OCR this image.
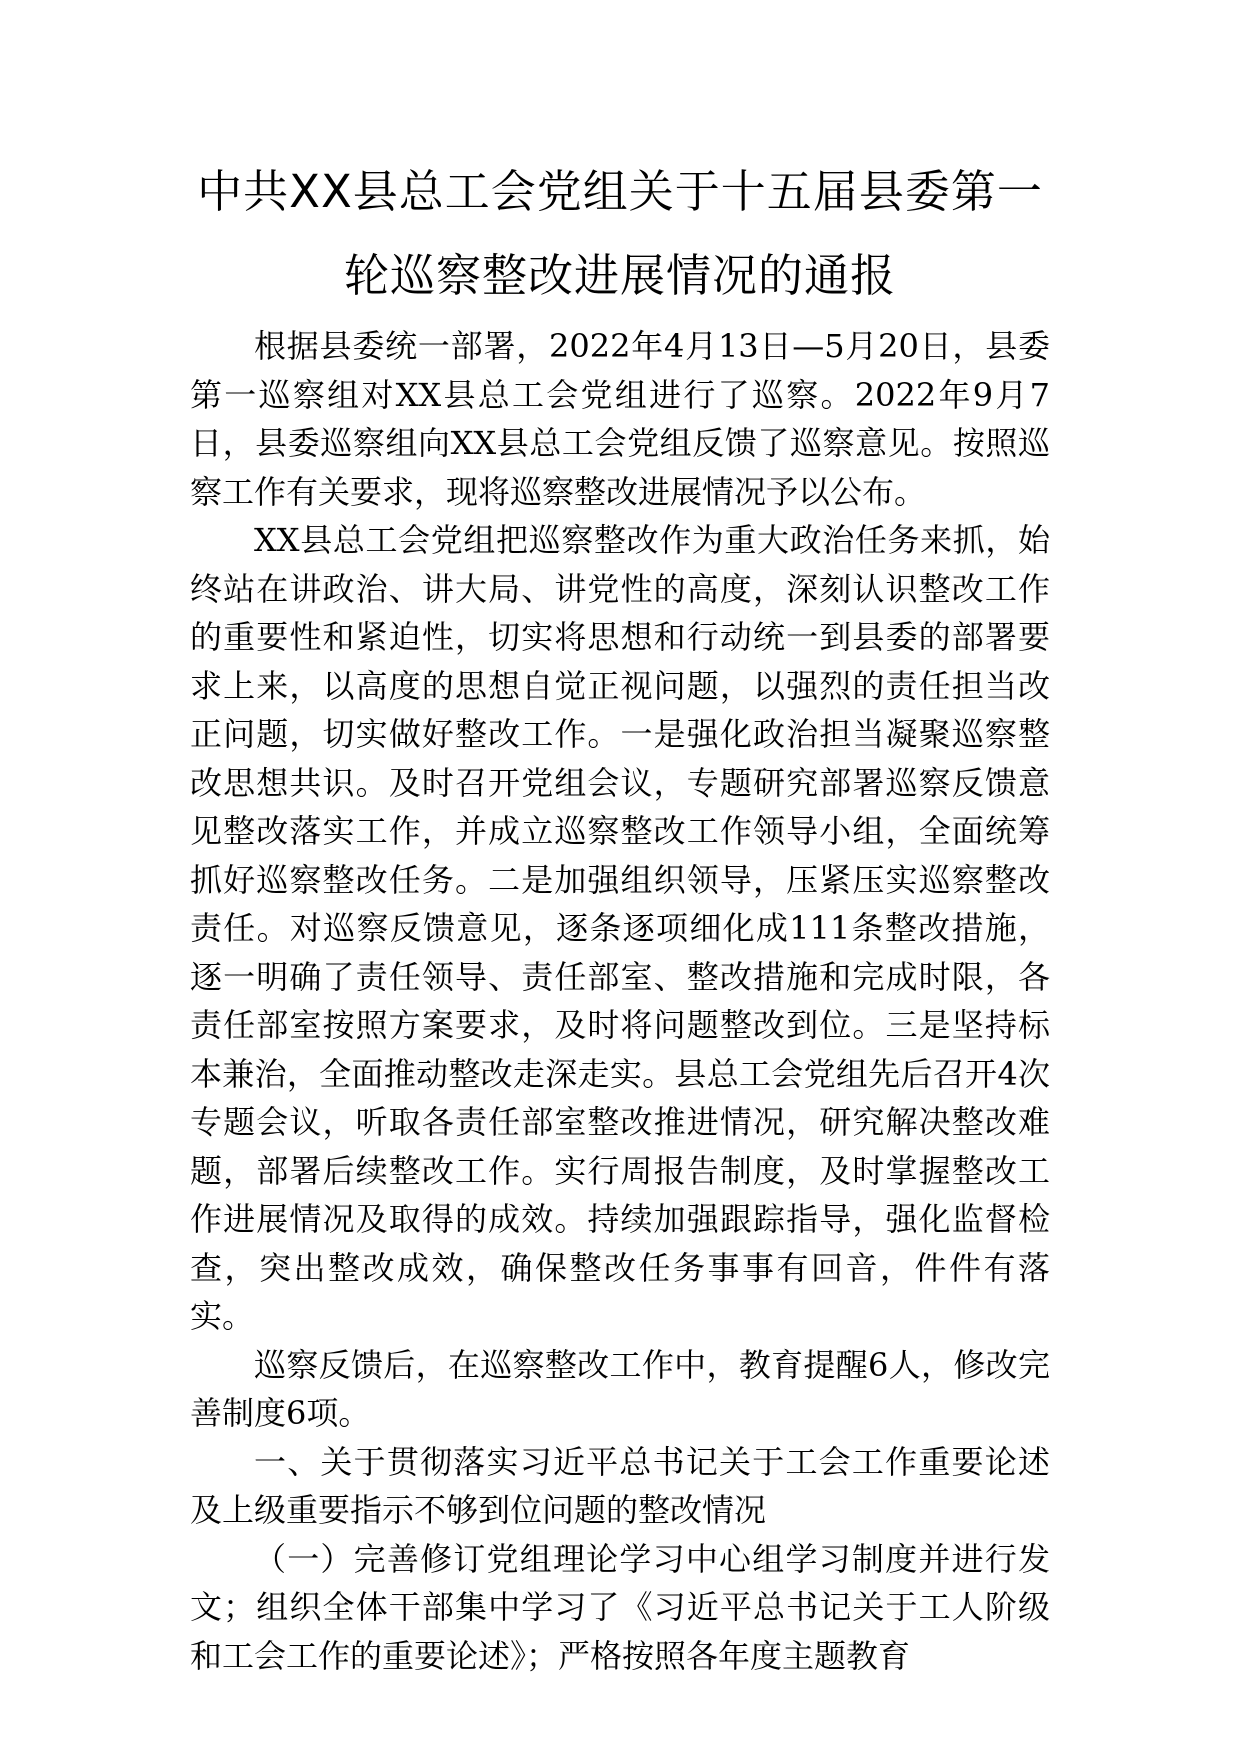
中共XX县总工会党组关于十五届县委第一
轮巡察整改进展情况的通报

根据县委统一部署，2022年4月13日—5月20日，县委第一巡察组对XX县总工会党组进行了巡察。2022年9月7日，县委巡察组向XX县总工会党组反馈了巡察意见。按照巡察工作有关要求，现将巡察整改进展情况予以公布。

XX县总工会党组把巡察整改作为重大政治任务来抓，始终站在讲政治、讲大局、讲党性的高度，深刻认识整改工作的重要性和紧迫性，切实将思想和行动统一到县委的部署要求上来，以高度的思想自觉正视问题，以强烈的责任担当改正问题，切实做好整改工作。一是强化政治担当凝聚巡察整改思想共识。及时召开党组会议，专题研究部署巡察反馈意见整改落实工作，并成立巡察整改工作领导小组，全面统筹抓好巡察整改任务。二是加强组织领导，压紧压实巡察整改责任。对巡察反馈意见，逐条逐项细化成111条整改措施，逐一明确了责任领导、责任部室、整改措施和完成时限，各责任部室按照方案要求，及时将问题整改到位。三是坚持标本兼治，全面推动整改走深走实。县总工会党组先后召开4次专题会议，听取各责任部室整改推进情况，研究解决整改难题，部署后续整改工作。实行周报告制度，及时掌握整改工作进展情况及取得的成效。持续加强跟踪指导，强化监督检查，突出整改成效，确保整改任务事事有回音，件件有落实。

巡察反馈后，在巡察整改工作中，教育提醒6人，修改完善制度6项。

一、关于贯彻落实习近平总书记关于工会工作重要论述及上级重要指示不够到位问题的整改情况

（一）完善修订党组理论学习中心组学习制度并进行发文；组织全体干部集中学习了《习近平总书记关于工人阶级和工会工作的重要论述》；严格按照各年度主题教育
